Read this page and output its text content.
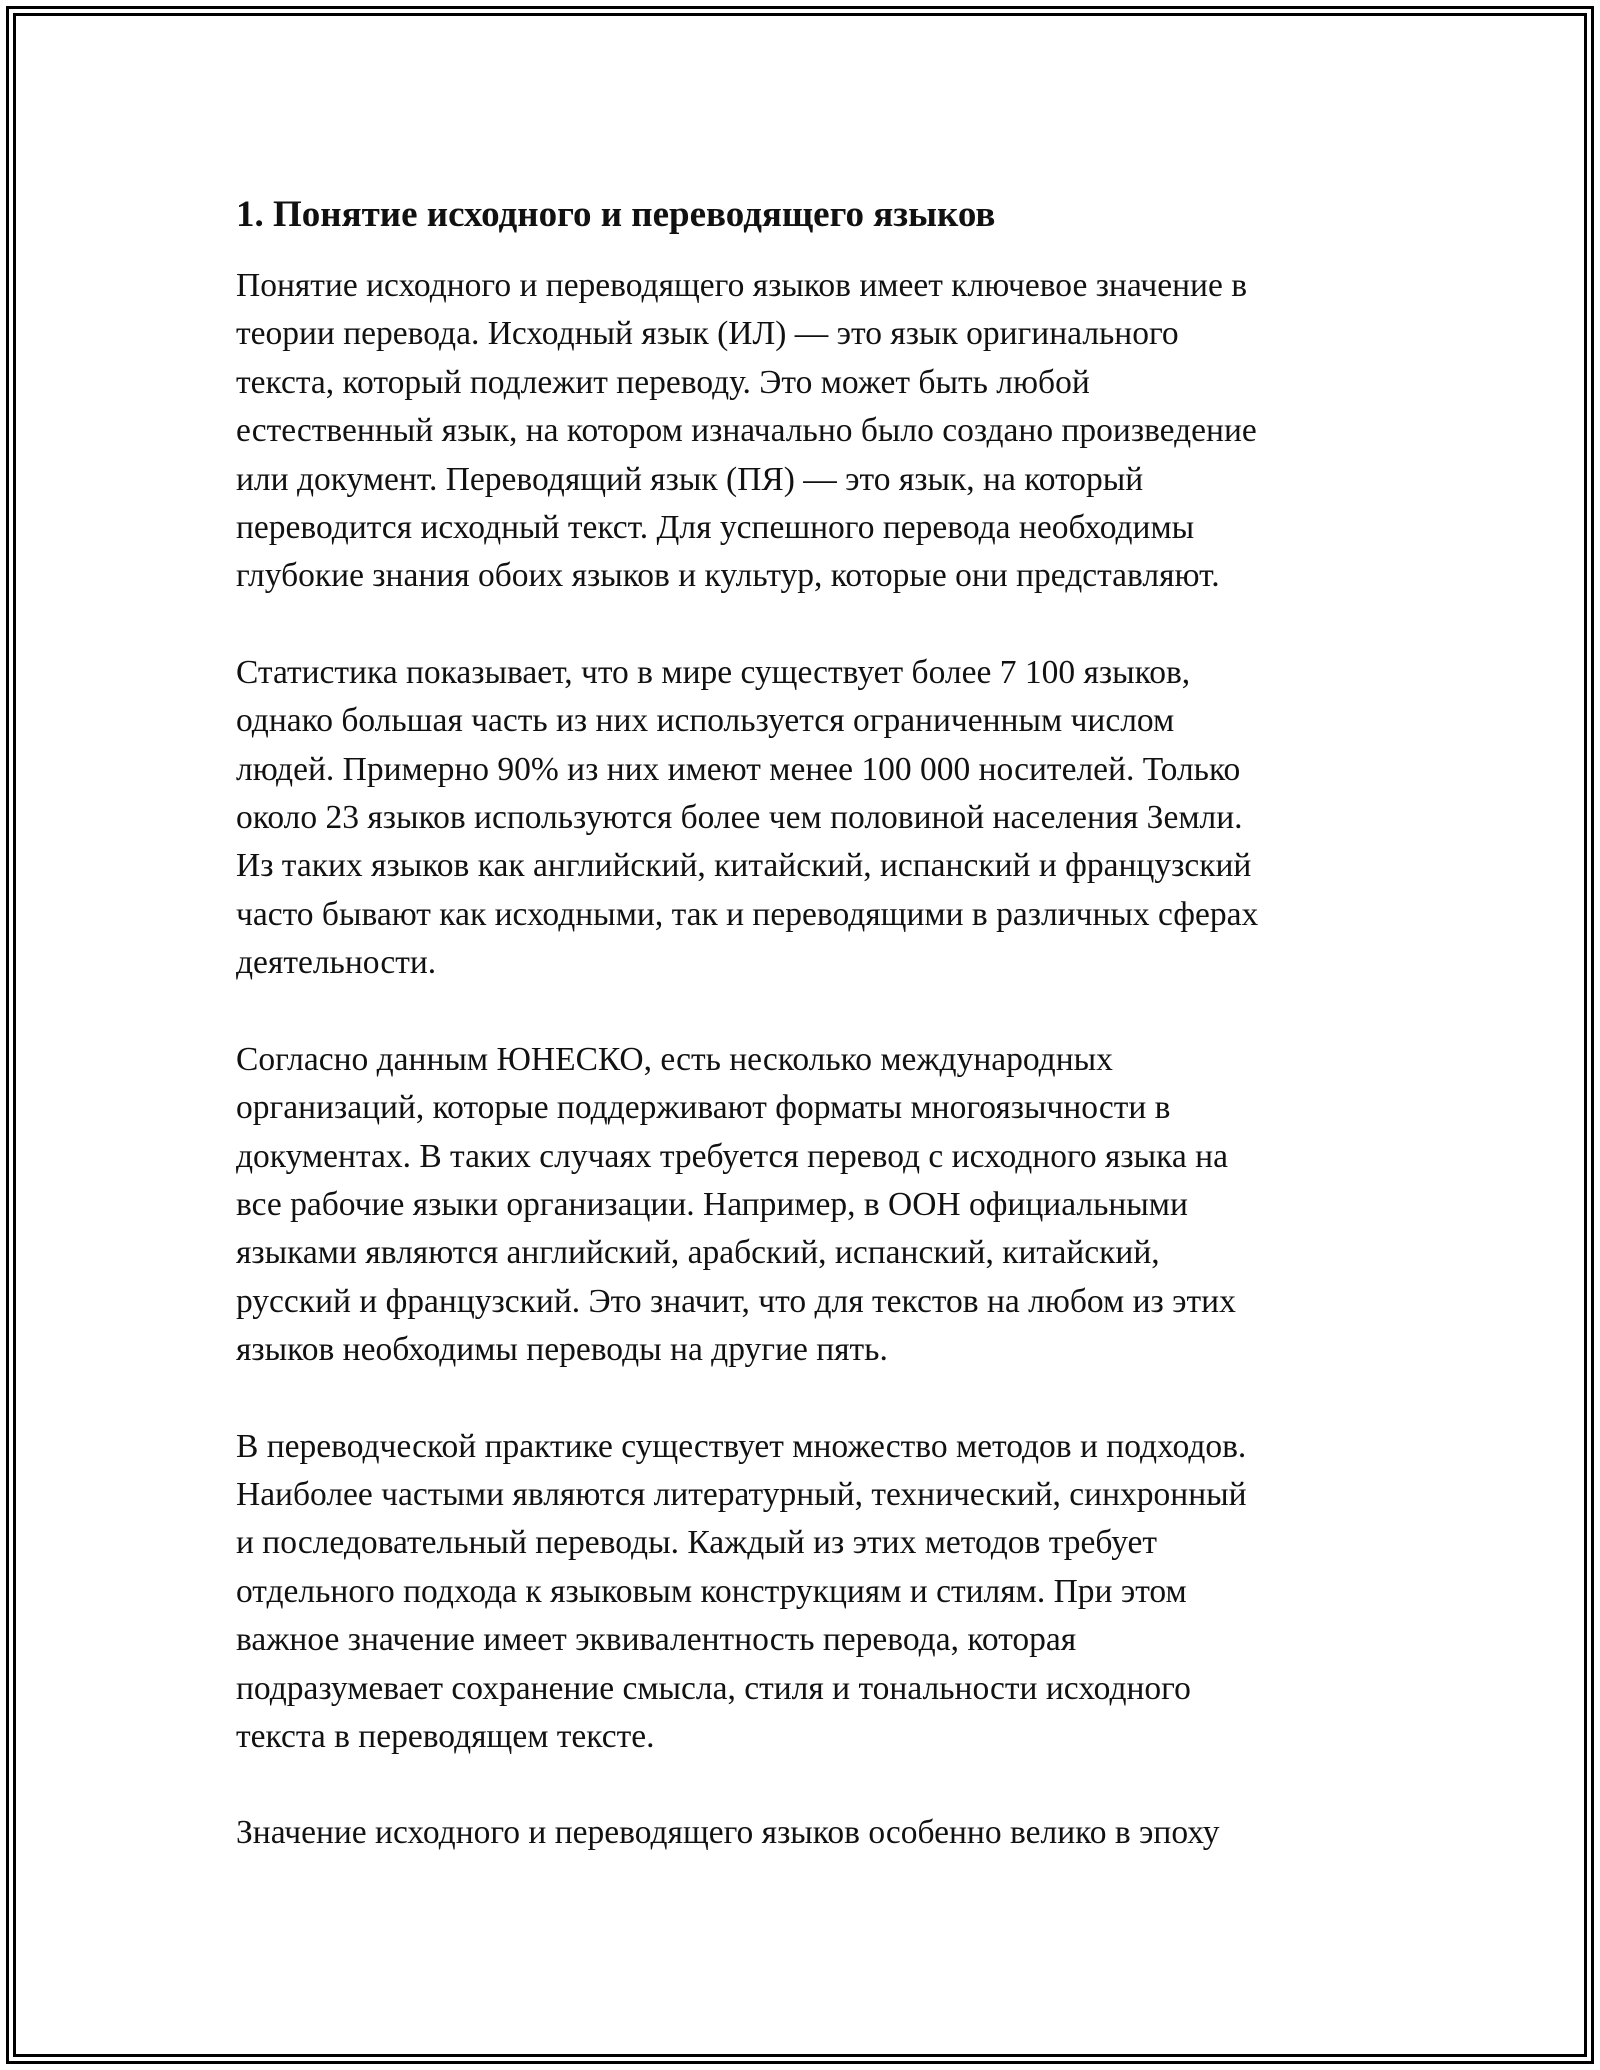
1. Понятие исходного и переводящего языков

Понятие исходного и переводящего языков имеет ключевое значение в
теории перевода. Исходный язык (ИЛ) — это язык оригинального
текста, который подлежит переводу. Это может быть любой
естественный язык, на котором изначально было создано произведение
или документ. Переводящий язык (ПЯ) — это язык, на который
переводится исходный текст. Для успешного перевода необходимы
глубокие знания обоих языков и культур, которые они представляют.

Статистика показывает, что в мире существует более 7 100 языков,
однако большая часть из них используется ограниченным числом
людей. Примерно 90% из них имеют менее 100 000 носителей. Только
около 23 языков используются более чем половиной населения Земли.
Из таких языков как английский, китайский, испанский и французский
часто бывают как исходными, так и переводящими в различных сферах
деятельности.

Согласно данным ЮНЕСКО, есть несколько международных
организаций, которые поддерживают форматы многоязычности в
документах. В таких случаях требуется перевод с исходного языка на
все рабочие языки организации. Например, в ООН официальными
языками являются английский, арабский, испанский, китайский,
русский и французский. Это значит, что для текстов на любом из этих
языков необходимы переводы на другие пять.

В переводческой практике существует множество методов и подходов.
Наиболее частыми являются литературный, технический, синхронный
и последовательный переводы. Каждый из этих методов требует
отдельного подхода к языковым конструкциям и стилям. При этом
важное значение имеет эквивалентность перевода, которая
подразумевает сохранение смысла, стиля и тональности исходного
текста в переводящем тексте.

Значение исходного и переводящего языков особенно велико в эпоху
